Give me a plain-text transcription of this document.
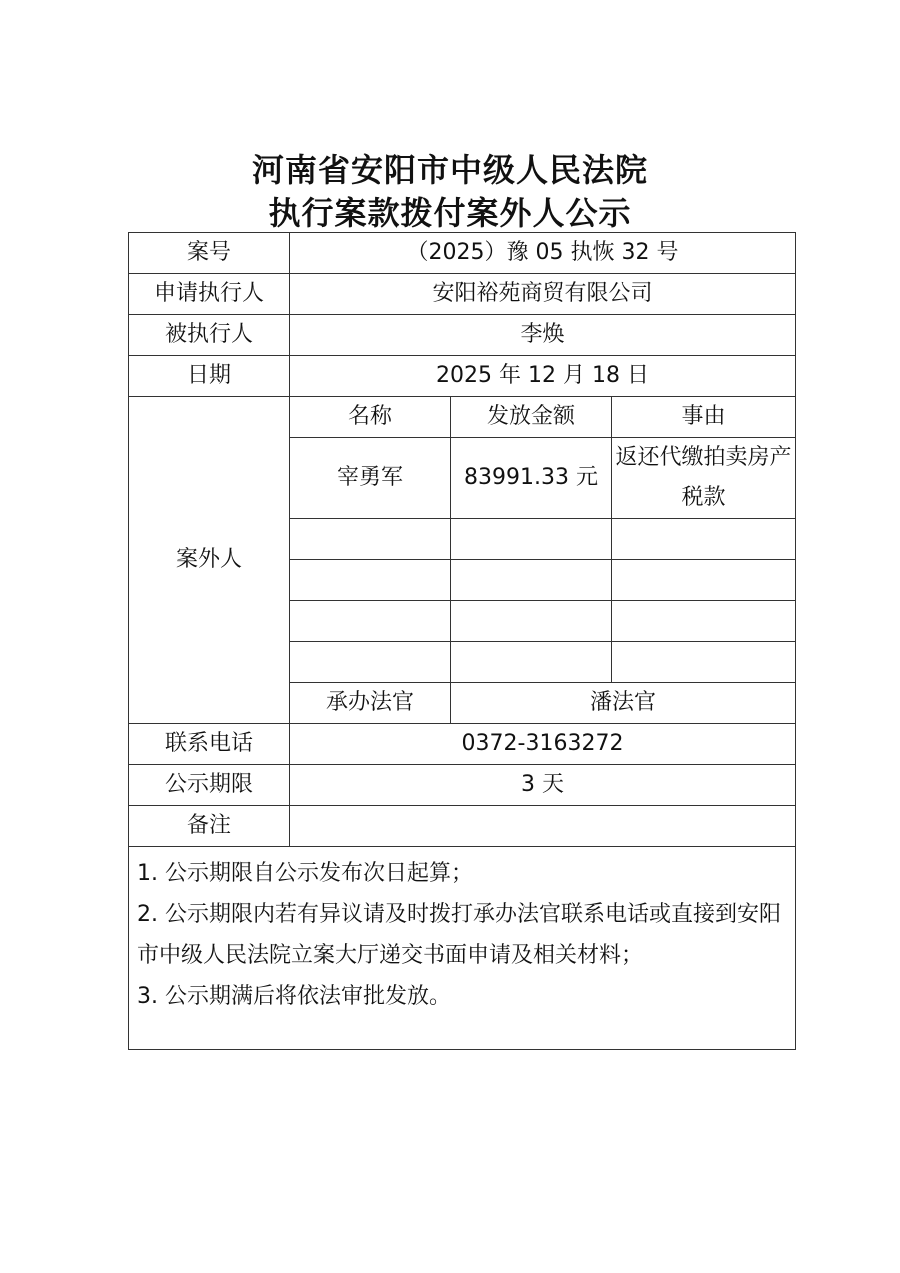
河南省安阳市中级人民法院
执行案款拨付案外人公示
案号	（2025）豫 05 执恢 32 号		
申请执行人	安阳裕苑商贸有限公司		
被执行人	李焕		
日期	2025 年 12 月 18 日		
案外人	名称	发放金额	事由
	宰勇军	83991.33 元	返还代缴拍卖房产税款

	承办法官	潘法官	
联系电话	0372-3163272		
公示期限	3 天		
备注			

1. 公示期限自公示发布次日起算；
2. 公示期限内若有异议请及时拨打承办法官联系电话或直接到安阳市中级人民法院立案大厅递交书面申请及相关材料；
3. 公示期满后将依法审批发放。			
